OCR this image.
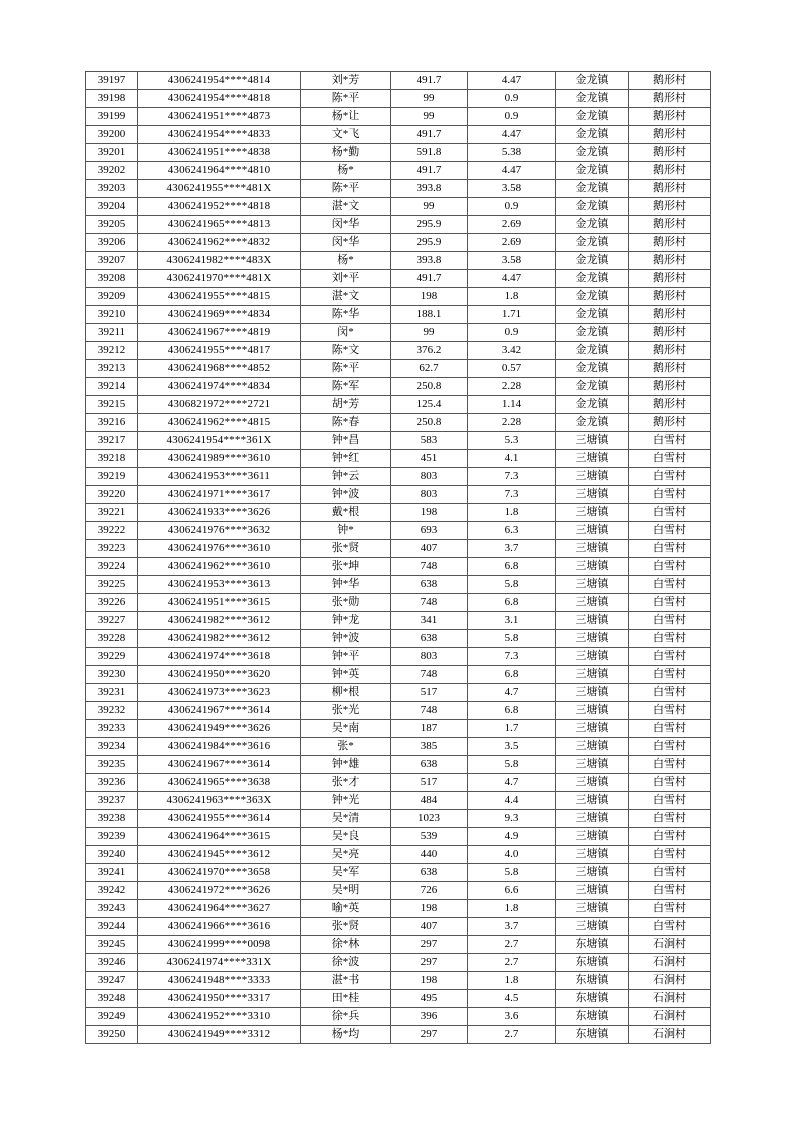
39197	4306241954****4814	刘*芳	491.7	4.47	金龙镇	鹅形村
39198	4306241954****4818	陈*平	99	0.9	金龙镇	鹅形村
39199	4306241951****4873	杨*让	99	0.9	金龙镇	鹅形村
39200	4306241954****4833	文*飞	491.7	4.47	金龙镇	鹅形村
39201	4306241951****4838	杨*勤	591.8	5.38	金龙镇	鹅形村
39202	4306241964****4810	杨*	491.7	4.47	金龙镇	鹅形村
39203	4306241955****481X	陈*平	393.8	3.58	金龙镇	鹅形村
39204	4306241952****4818	湛*文	99	0.9	金龙镇	鹅形村
39205	4306241965****4813	闵*华	295.9	2.69	金龙镇	鹅形村
39206	4306241962****4832	闵*华	295.9	2.69	金龙镇	鹅形村
39207	4306241982****483X	杨*	393.8	3.58	金龙镇	鹅形村
39208	4306241970****481X	刘*平	491.7	4.47	金龙镇	鹅形村
39209	4306241955****4815	湛*文	198	1.8	金龙镇	鹅形村
39210	4306241969****4834	陈*华	188.1	1.71	金龙镇	鹅形村
39211	4306241967****4819	闵*	99	0.9	金龙镇	鹅形村
39212	4306241955****4817	陈*文	376.2	3.42	金龙镇	鹅形村
39213	4306241968****4852	陈*平	62.7	0.57	金龙镇	鹅形村
39214	4306241974****4834	陈*军	250.8	2.28	金龙镇	鹅形村
39215	4306821972****2721	胡*芳	125.4	1.14	金龙镇	鹅形村
39216	4306241962****4815	陈*春	250.8	2.28	金龙镇	鹅形村
39217	4306241954****361X	钟*昌	583	5.3	三塘镇	白雪村
39218	4306241989****3610	钟*红	451	4.1	三塘镇	白雪村
39219	4306241953****3611	钟*云	803	7.3	三塘镇	白雪村
39220	4306241971****3617	钟*波	803	7.3	三塘镇	白雪村
39221	4306241933****3626	戴*根	198	1.8	三塘镇	白雪村
39222	4306241976****3632	钟*	693	6.3	三塘镇	白雪村
39223	4306241976****3610	张*贤	407	3.7	三塘镇	白雪村
39224	4306241962****3610	张*坤	748	6.8	三塘镇	白雪村
39225	4306241953****3613	钟*华	638	5.8	三塘镇	白雪村
39226	4306241951****3615	张*勋	748	6.8	三塘镇	白雪村
39227	4306241982****3612	钟*龙	341	3.1	三塘镇	白雪村
39228	4306241982****3612	钟*波	638	5.8	三塘镇	白雪村
39229	4306241974****3618	钟*平	803	7.3	三塘镇	白雪村
39230	4306241950****3620	钟*英	748	6.8	三塘镇	白雪村
39231	4306241973****3623	柳*根	517	4.7	三塘镇	白雪村
39232	4306241967****3614	张*光	748	6.8	三塘镇	白雪村
39233	4306241949****3626	吴*南	187	1.7	三塘镇	白雪村
39234	4306241984****3616	张*	385	3.5	三塘镇	白雪村
39235	4306241967****3614	钟*雄	638	5.8	三塘镇	白雪村
39236	4306241965****3638	张*才	517	4.7	三塘镇	白雪村
39237	4306241963****363X	钟*光	484	4.4	三塘镇	白雪村
39238	4306241955****3614	吴*清	1023	9.3	三塘镇	白雪村
39239	4306241964****3615	吴*良	539	4.9	三塘镇	白雪村
39240	4306241945****3612	吴*亮	440	4.0	三塘镇	白雪村
39241	4306241970****3658	吴*军	638	5.8	三塘镇	白雪村
39242	4306241972****3626	吴*明	726	6.6	三塘镇	白雪村
39243	4306241964****3627	喻*英	198	1.8	三塘镇	白雪村
39244	4306241966****3616	张*贤	407	3.7	三塘镇	白雪村
39245	4306241999****0098	徐*林	297	2.7	东塘镇	石涧村
39246	4306241974****331X	徐*波	297	2.7	东塘镇	石涧村
39247	4306241948****3333	湛*书	198	1.8	东塘镇	石涧村
39248	4306241950****3317	田*桂	495	4.5	东塘镇	石涧村
39249	4306241952****3310	徐*兵	396	3.6	东塘镇	石涧村
39250	4306241949****3312	杨*均	297	2.7	东塘镇	石涧村
